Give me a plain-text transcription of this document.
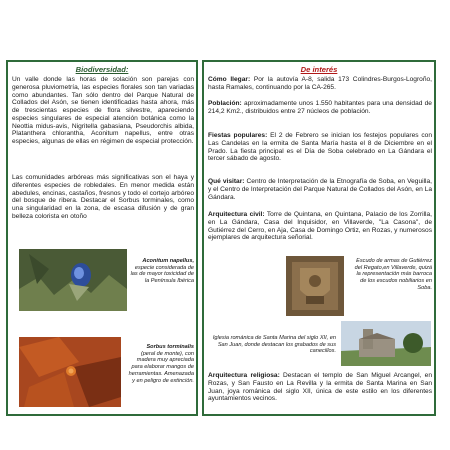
Biodiversidad:
Un valle donde las horas de solación son parejas con generosa pluviometría, las especies florales son tan variadas como abundantes. Tan sólo dentro del Parque Natural de Collados del Asón, se tienen identificadas hasta ahora, más de trescientas especies de flora silvestre, apareciendo especies singulares de especial atención botánica como la Neottia midus-avis, Nigritella gabasiana, Pseudorchis albida, Platanthera chlorantha, Aconitum napellus, entre otras especies, algunas de ellas en régimen de especial protección.
Las comunidades arbóreas más significativas son el haya y diferentes especies de robledales. En menor medida están abedules, encinas, castaños, fresnos y todo el cortejo arbóreo del bosque de ribera. Destacar el Sorbus torminales, como una singularidad en la zona, de escasa difusión y de gran belleza colorista en otoño
Aconitum napellus,
especie considerada de las de mayor toxicidad de la Península Ibérica
Sorbus torminalis
(peral de monte), con madera muy apreciada para elaborar mangos de herramientas. Amenazada y en peligro de extinción.
De interés
Cómo llegar: Por la autovía A-8, salida 173 Colindres-Burgos-Logroño, hasta Ramales, continuando por la CA-265.
Población: aproximadamente unos 1.550 habitantes para una densidad de 214,2 Km2., distribuidos entre 27 núcleos de población.
Fiestas populares: El 2 de Febrero se inician los festejos populares con Las Candelas en la ermita de Santa María hasta el 8 de Diciembre en el Prado. La fiesta principal es el Día de Soba celebrado en La Gándara el tercer sábado de agosto.
Qué visitar: Centro de Interpretación de la Etnografía de Soba, en Veguilla, y el Centro de Interpretación del Parque Natural de Collados del Asón, en La Gándara.
Arquitectura civil: Torre de Quintana, en Quintana, Palacio de los Zorrilla, en La Gándara, Casa del Inquisidor, en Villaverde, "La Casona", de Gutiérrez del Cerro, en Aja, Casa de Domingo Ortiz, en Rozas, y numerosos ejemplares de arquitectura señorial.
Escudo de armas de Gutiérrez del Regato,en Villaverde, quizá la representación más barroca de los escudos nobiliarios en Soba.
Iglesia románica de Santa Marina del siglo XII, en San Juan, donde destacan los grabados de sus canecillos.
Arquitectura religiosa: Destacan el templo de San Miguel Arcangel, en Rozas, y San Fausto en La Revilla y la ermita de Santa Marina en San Juan, joya románica del siglo XII, única de este estilo en los diferentes ayuntamientos vecinos.
